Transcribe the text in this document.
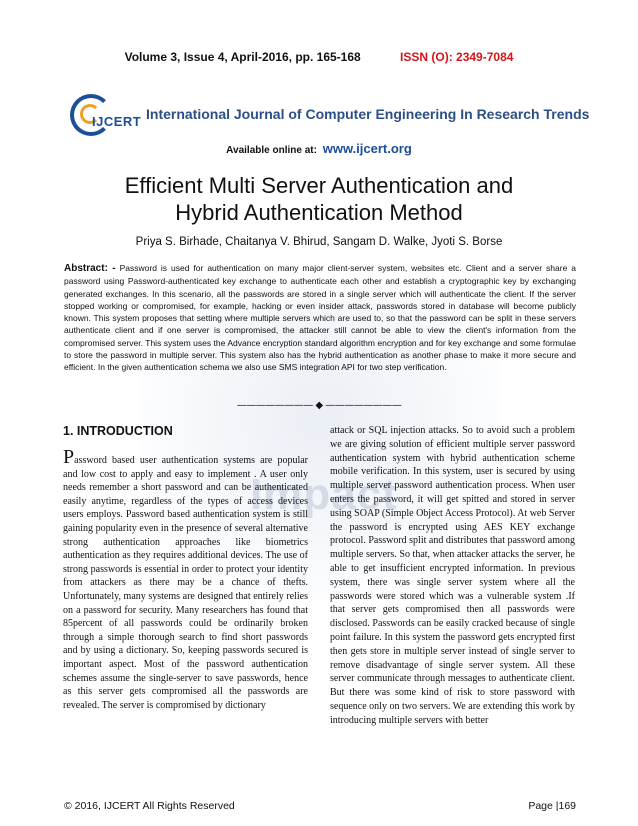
Impact
Volume 3, Issue 4, April-2016, pp. 165-168	ISSN (O): 2349-7084
IJCERT International Journal of Computer Engineering In Research Trends
Available online at: www.ijcert.org
Efficient Multi Server Authentication and
Hybrid Authentication Method
Priya S. Birhade, Chaitanya V. Bhirud, Sangam D. Walke, Jyoti S. Borse

Abstract: - Password is used for authentication on many major client-server system, websites etc. Client and a server share a password using Password-authenticated key exchange to authenticate each other and establish a cryptographic key by exchanging generated exchanges. In this scenario, all the passwords are stored in a single server which will authenticate the client. If the server stopped working or compromised, for example, hacking or even insider attack, passwords stored in database will become publicly known. This system proposes that setting where multiple servers which are used to, so that the password can be split in these servers authenticate client and if one server is compromised, the attacker still cannot be able to view the client's information from the compromised server. This system uses the Advance encryption standard algorithm encryption and for key exchange and some formulae to store the password in multiple server. This system also has the hybrid authentication as another phase to make it more secure and efficient. In the given authentication schema we also use SMS integration API for two step verification.

———————— ◆ ————————
1. INTRODUCTION

Password based user authentication systems are popular and low cost to apply and easy to implement . A user only needs remember a short password and can be authenticated easily anytime, regardless of the types of access devices users employs. Password based authentication system is still gaining popularity even in the presence of several alternative strong authentication approaches like biometrics authentication as they requires additional devices. The use of strong passwords is essential in order to protect your identity from attackers as there may be a chance of thefts. Unfortunately, many systems are designed that entirely relies on a password for security. Many researchers has found that 85percent of all passwords could be ordinarily broken through a simple thorough search to find short passwords and by using a dictionary. So, keeping passwords secured is important aspect. Most of the password authentication schemes assume the single-server to save passwords, hence as this server gets compromised all the passwords are revealed. The server is compromised by dictionary

attack or SQL injection attacks. So to avoid such a problem we are giving solution of efficient multiple server password authentication system with hybrid authentication scheme mobile verification. In this system, user is secured by using multiple server password authentication process. When user enters the password, it will get spitted and stored in server using SOAP (Simple Object Access Protocol). At web Server the password is encrypted using AES KEY exchange protocol. Password split and distributes that password among multiple servers. So that, when attacker attacks the server, he able to get insufficient encrypted information. In previous system, there was single server system where all the passwords were stored which was a vulnerable system .If that server gets compromised then all passwords were disclosed. Passwords can be easily cracked because of single point failure. In this system the password gets encrypted first then gets store in multiple server instead of single server to remove disadvantage of single server system. All these server communicate through messages to authenticate client. But there was some kind of risk to store password with sequence only on two servers. We are extending this work by introducing multiple servers with better

© 2016, IJCERT All Rights Reserved	Page |169
